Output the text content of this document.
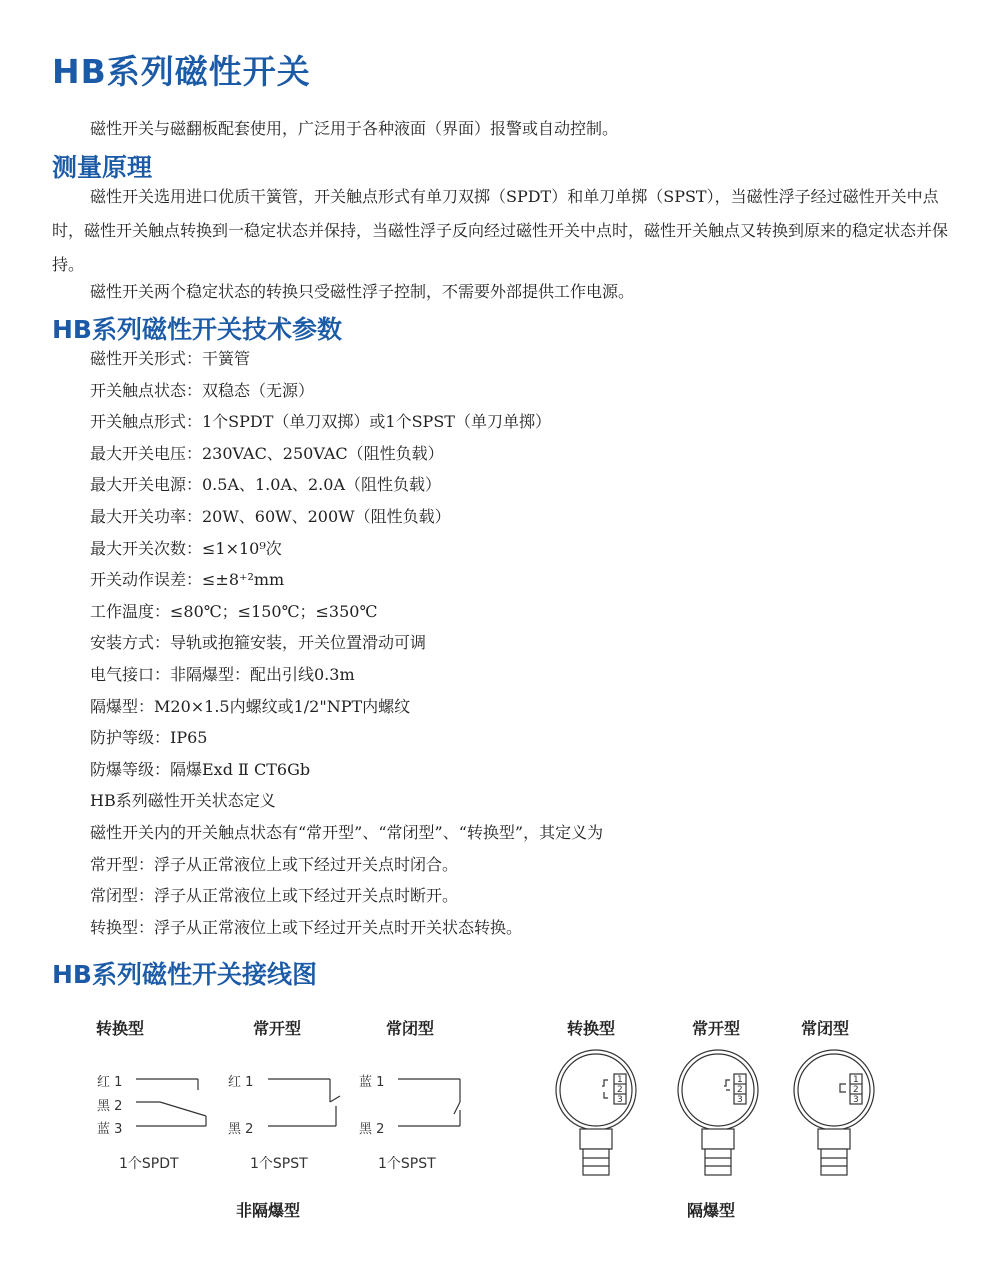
HB系列磁性开关

磁性开关与磁翻板配套使用，广泛用于各种液面（界面）报警或自动控制。

测量原理

磁性开关选用进口优质干簧管，开关触点形式有单刀双掷（SPDT）和单刀单掷（SPST），当磁性浮子经过磁性开关中点时，磁性开关触点转换到一稳定状态并保持，当磁性浮子反向经过磁性开关中点时，磁性开关触点又转换到原来的稳定状态并保持。

磁性开关两个稳定状态的转换只受磁性浮子控制，不需要外部提供工作电源。

HB系列磁性开关技术参数
磁性开关形式：干簧管
开关触点状态：双稳态（无源）
开关触点形式：1个SPDT（单刀双掷）或1个SPST（单刀单掷）
最大开关电压：230VAC、250VAC（阻性负载）
最大开关电源：0.5A、1.0A、2.0A（阻性负载）
最大开关功率：20W、60W、200W（阻性负载）
最大开关次数：≤1×10⁹次
开关动作误差：≤±8⁺²mm
工作温度：≤80℃；≤150℃；≤350℃
安装方式：导轨或抱箍安装，开关位置滑动可调
电气接口：非隔爆型：配出引线0.3m
隔爆型：M20×1.5内螺纹或1/2"NPT内螺纹
防护等级：IP65
防爆等级：隔爆Exd Ⅱ CT6Gb
HB系列磁性开关状态定义
磁性开关内的开关触点状态有“常开型”、“常闭型”、“转换型”，其定义为
常开型：浮子从正常液位上或下经过开关点时闭合。
常闭型：浮子从正常液位上或下经过开关点时断开。
转换型：浮子从正常液位上或下经过开关点时开关状态转换。
HB系列磁性开关接线图
转换型	常开型	常闭型
红 1
黑 2
蓝 3
1个SPDT
红 1
黑 2
1个SPST
蓝 1
黑 2
1个SPST
非隔爆型
转换型	常开型	常闭型
隔爆型
1
2
3
1
2
3
1
2
3
